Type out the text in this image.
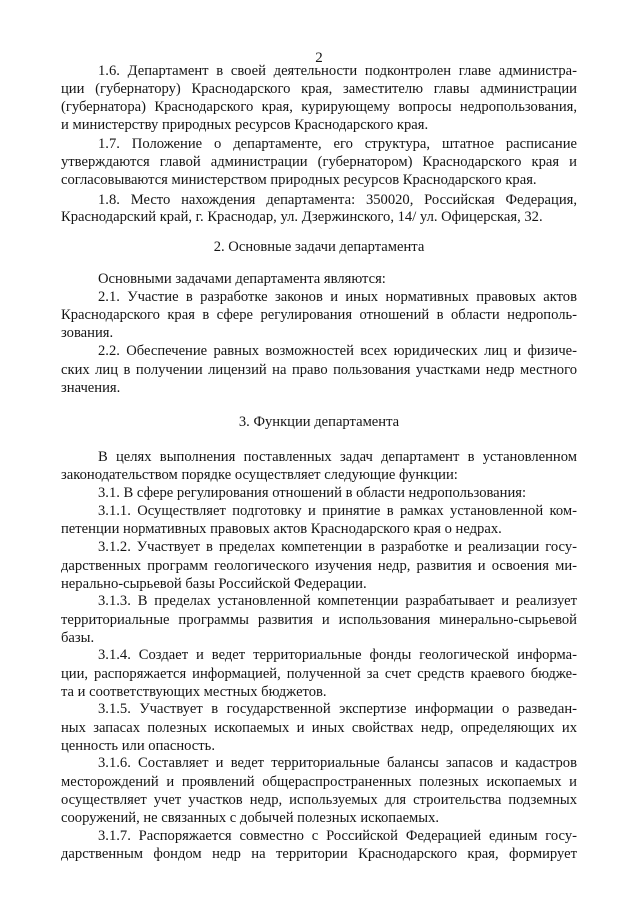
2
1.6. Департамент в своей деятельности подконтролен главе администра-
ции (губернатору) Краснодарского края, заместителю главы администрации
(губернатора) Краснодарского края, курирующему вопросы недропользования,
и министерству природных ресурсов Краснодарского края.
1.7. Положение о департаменте, его структура, штатное расписание
утверждаются главой администрации (губернатором) Краснодарского края и
согласовываются министерством природных ресурсов Краснодарского края.
1.8. Место нахождения департамента: 350020, Российская Федерация,
Краснодарский край, г. Краснодар, ул. Дзержинского, 14/ ул. Офицерская, 32.
2. Основные задачи департамента
Основными задачами департамента являются:
2.1. Участие в разработке законов и иных нормативных правовых актов
Краснодарского края в сфере регулирования отношений в области недрополь-
зования.
2.2. Обеспечение равных возможностей всех юридических лиц и физиче-
ских лиц в получении лицензий на право пользования участками недр местного
значения.
3. Функции департамента
В целях выполнения поставленных задач департамент в установленном
законодательством порядке осуществляет следующие функции:
3.1. В сфере регулирования отношений в области недропользования:
3.1.1. Осуществляет подготовку и принятие в рамках установленной ком-
петенции нормативных правовых актов Краснодарского края о недрах.
3.1.2. Участвует в пределах компетенции в разработке и реализации госу-
дарственных программ геологического изучения недр, развития и освоения ми-
нерально-сырьевой базы Российской Федерации.
3.1.3. В пределах установленной компетенции разрабатывает и реализует
территориальные программы развития и использования минерально-сырьевой
базы.
3.1.4. Создает и ведет территориальные фонды геологической информа-
ции, распоряжается информацией, полученной за счет средств краевого бюдже-
та и соответствующих местных бюджетов.
3.1.5. Участвует в государственной экспертизе информации о разведан-
ных запасах полезных ископаемых и иных свойствах недр, определяющих их
ценность или опасность.
3.1.6. Составляет и ведет территориальные балансы запасов и кадастров
месторождений и проявлений общераспространенных полезных ископаемых и
осуществляет учет участков недр, используемых для строительства подземных
сооружений, не связанных с добычей полезных ископаемых.
3.1.7. Распоряжается совместно с Российской Федерацией единым госу-
дарственным фондом недр на территории Краснодарского края, формирует
